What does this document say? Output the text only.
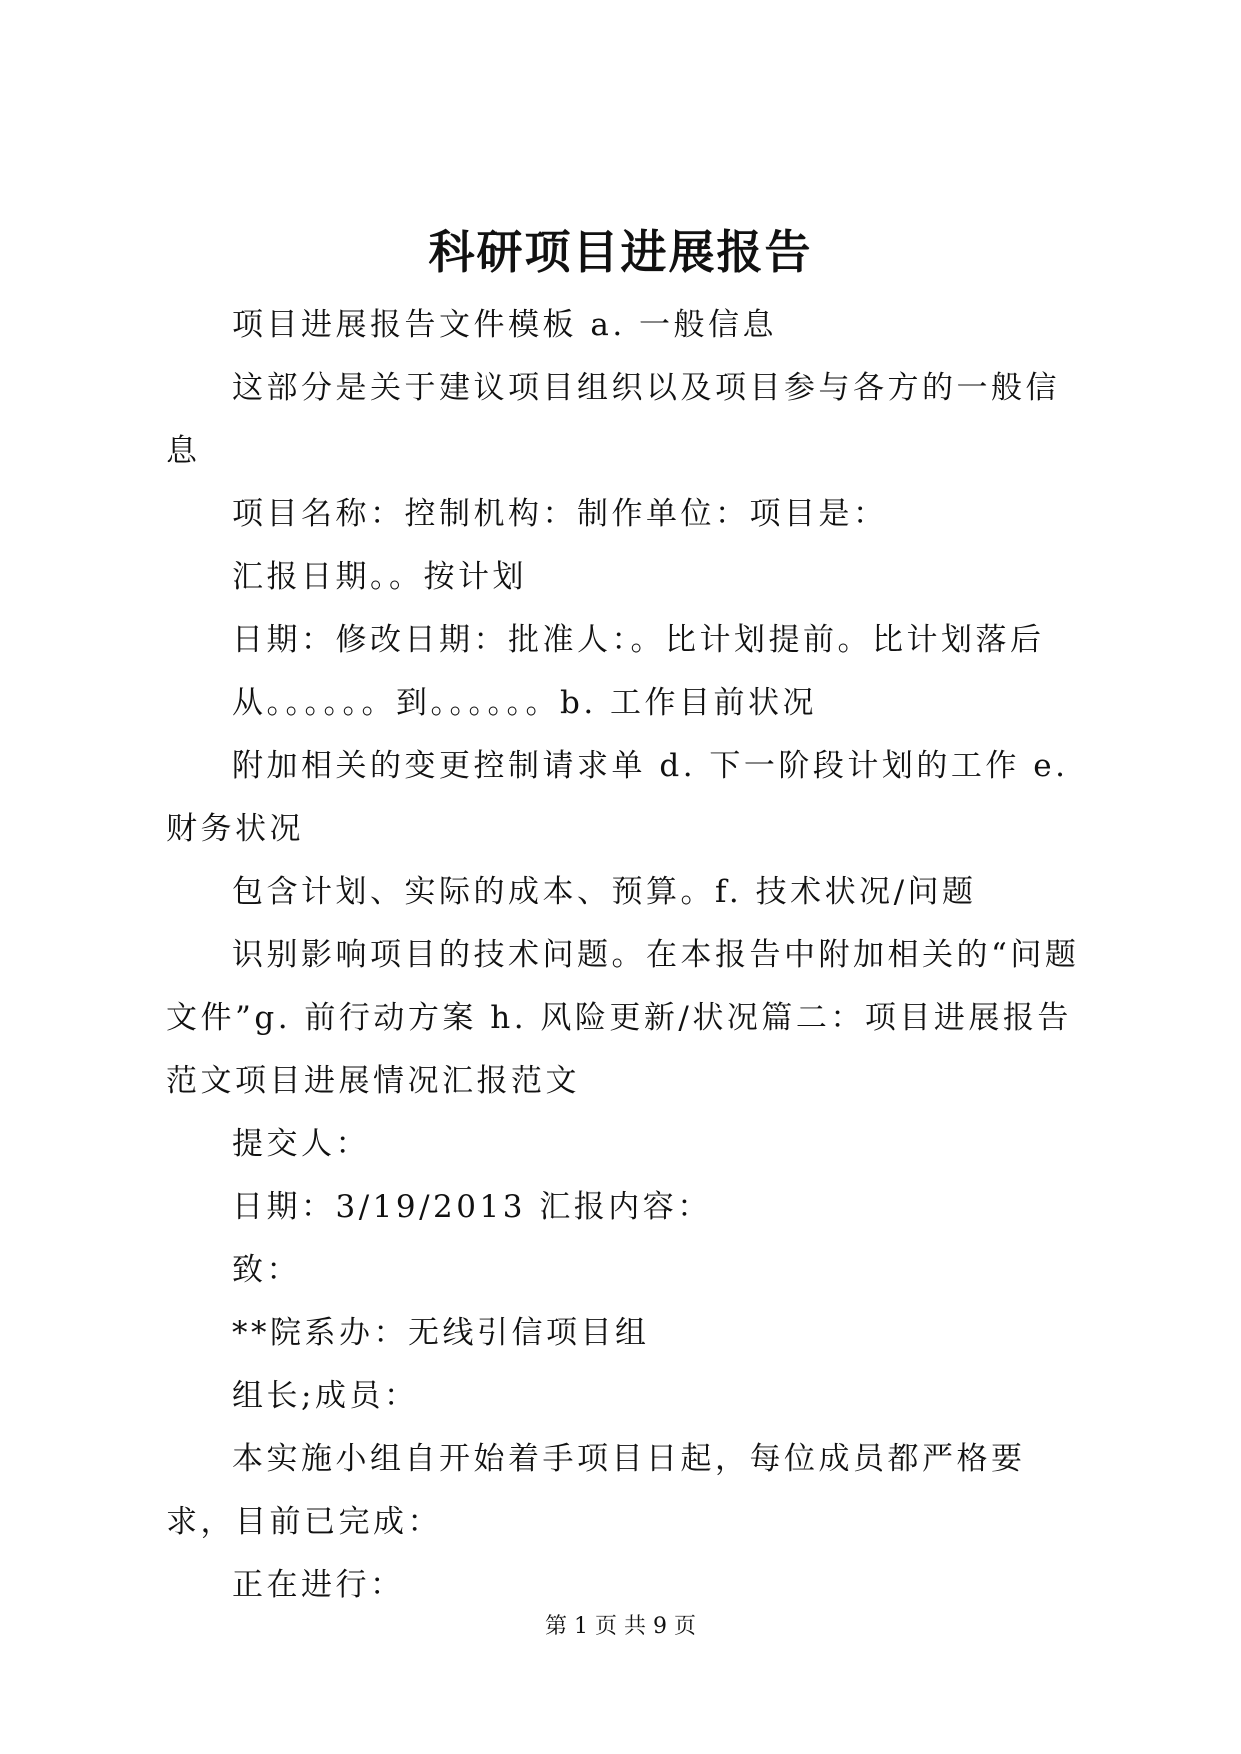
科研项目进展报告

项目进展报告文件模板 a. 一般信息

这部分是关于建议项目组织以及项目参与各方的一般信息

项目名称：控制机构：制作单位：项目是：

汇报日期。。按计划

日期：修改日期：批准人：。比计划提前。比计划落后

从。。。。。。到。。。。。。b. 工作目前状况

附加相关的变更控制请求单 d. 下一阶段计划的工作 e. 财务状况

包含计划、实际的成本、预算。f. 技术状况/问题

识别影响项目的技术问题。在本报告中附加相关的“问题文件”g. 前行动方案 h. 风险更新/状况篇二：项目进展报告范文项目进展情况汇报范文

提交人：

日期：3/19/2013 汇报内容：

致：

**院系办：无线引信项目组

组长;成员：

本实施小组自开始着手项目日起，每位成员都严格要求，目前已完成：

正在进行：

第 1 页 共 9 页
